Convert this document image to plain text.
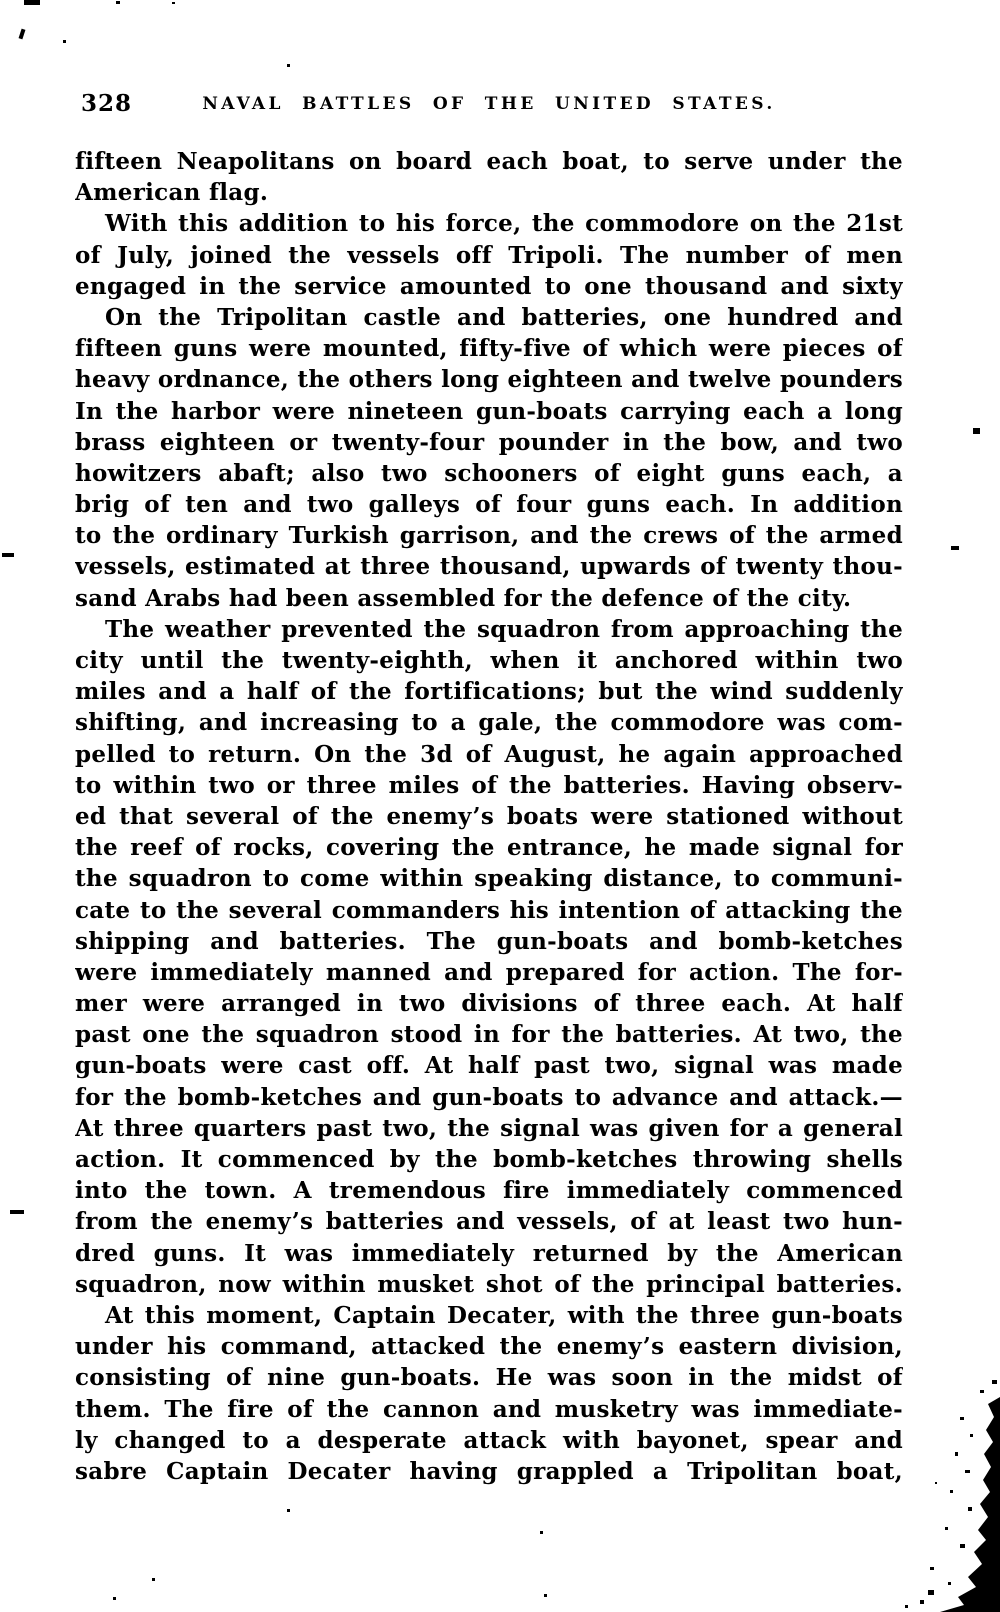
328	NAVAL BATTLES OF THE UNITED STATES.
fifteen Neapolitans on board each boat, to serve under the
American flag.
With this addition to his force, the commodore on the 21st
of July, joined the vessels off Tripoli. The number of men
engaged in the service amounted to one thousand and sixty
On the Tripolitan castle and batteries, one hundred and
fifteen guns were mounted, fifty-five of which were pieces of
heavy ordnance, the others long eighteen and twelve pounders
In the harbor were nineteen gun-boats carrying each a long
brass eighteen or twenty-four pounder in the bow, and two
howitzers abaft; also two schooners of eight guns each, a
brig of ten and two galleys of four guns each. In addition
to the ordinary Turkish garrison, and the crews of the armed
vessels, estimated at three thousand, upwards of twenty thou-
sand Arabs had been assembled for the defence of the city.
The weather prevented the squadron from approaching the
city until the twenty-eighth, when it anchored within two
miles and a half of the fortifications; but the wind suddenly
shifting, and increasing to a gale, the commodore was com-
pelled to return. On the 3d of August, he again approached
to within two or three miles of the batteries. Having observ-
ed that several of the enemy’s boats were stationed without
the reef of rocks, covering the entrance, he made signal for
the squadron to come within speaking distance, to communi-
cate to the several commanders his intention of attacking the
shipping and batteries. The gun-boats and bomb-ketches
were immediately manned and prepared for action. The for-
mer were arranged in two divisions of three each. At half
past one the squadron stood in for the batteries. At two, the
gun-boats were cast off. At half past two, signal was made
for the bomb-ketches and gun-boats to advance and attack.—
At three quarters past two, the signal was given for a general
action. It commenced by the bomb-ketches throwing shells
into the town. A tremendous fire immediately commenced
from the enemy’s batteries and vessels, of at least two hun-
dred guns. It was immediately returned by the American
squadron, now within musket shot of the principal batteries.
At this moment, Captain Decater, with the three gun-boats
under his command, attacked the enemy’s eastern division,
consisting of nine gun-boats. He was soon in the midst of
them. The fire of the cannon and musketry was immediate-
ly changed to a desperate attack with bayonet, spear and
sabre Captain Decater having grappled a Tripolitan boat,
